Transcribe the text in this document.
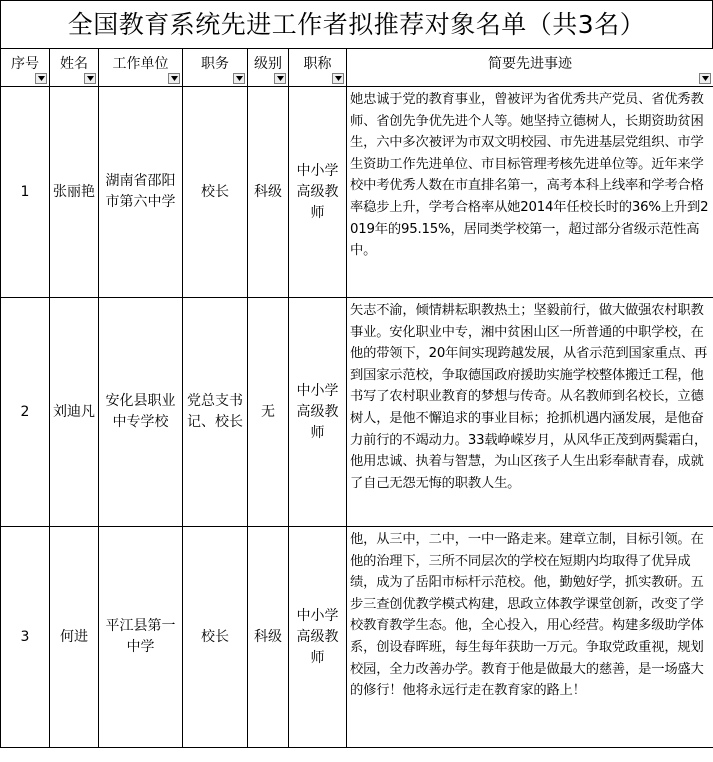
全国教育系统先进工作者拟推荐对象名单（共3名）
序号	姓名	工作单位	职务	级别	职称	简要先进事迹

1	张丽艳	湖南省邵阳市第六中学	校长	科级	中小学高级教师	她忠诚于党的教育事业，曾被评为省优秀共产党员、省优秀教师、省创先争优先进个人等。她坚持立德树人，长期资助贫困生，六中多次被评为市双文明校园、市先进基层党组织、市学生资助工作先进单位、市目标管理考核先进单位等。近年来学校中考优秀人数在市直排名第一，高考本科上线率和学考合格率稳步上升，学考合格率从她2014年任校长时的36%上升到2019年的95.15%，居同类学校第一，超过部分省级示范性高中。
2	刘迪凡	安化县职业中专学校	党总支书记、校长	无	中小学高级教师	矢志不渝，倾情耕耘职教热土；坚毅前行，做大做强农村职教事业。安化职业中专，湘中贫困山区一所普通的中职学校，在他的带领下，20年间实现跨越发展，从省示范到国家重点、再到国家示范校，争取德国政府援助实施学校整体搬迁工程，他书写了农村职业教育的梦想与传奇。从名教师到名校长，立德树人，是他不懈追求的事业目标；抢抓机遇内涵发展，是他奋力前行的不竭动力。33载峥嵘岁月，从风华正茂到两鬓霜白，他用忠诚、执着与智慧，为山区孩子人生出彩奉献青春，成就了自己无怨无悔的职教人生。
3	何进	平江县第一中学	校长	科级	中小学高级教师	他，从三中，二中，一中一路走来。建章立制，目标引领。在他的治理下，三所不同层次的学校在短期内均取得了优异成绩，成为了岳阳市标杆示范校。他，勤勉好学，抓实教研。五步三查创优教学模式构建，思政立体教学课堂创新，改变了学校教育教学生态。他，全心投入，用心经营。构建多级助学体系，创设春晖班，每生每年获助一万元。争取党政重视，规划校园，全力改善办学。教育于他是做最大的慈善，是一场盛大的修行！他将永远行走在教育家的路上！
